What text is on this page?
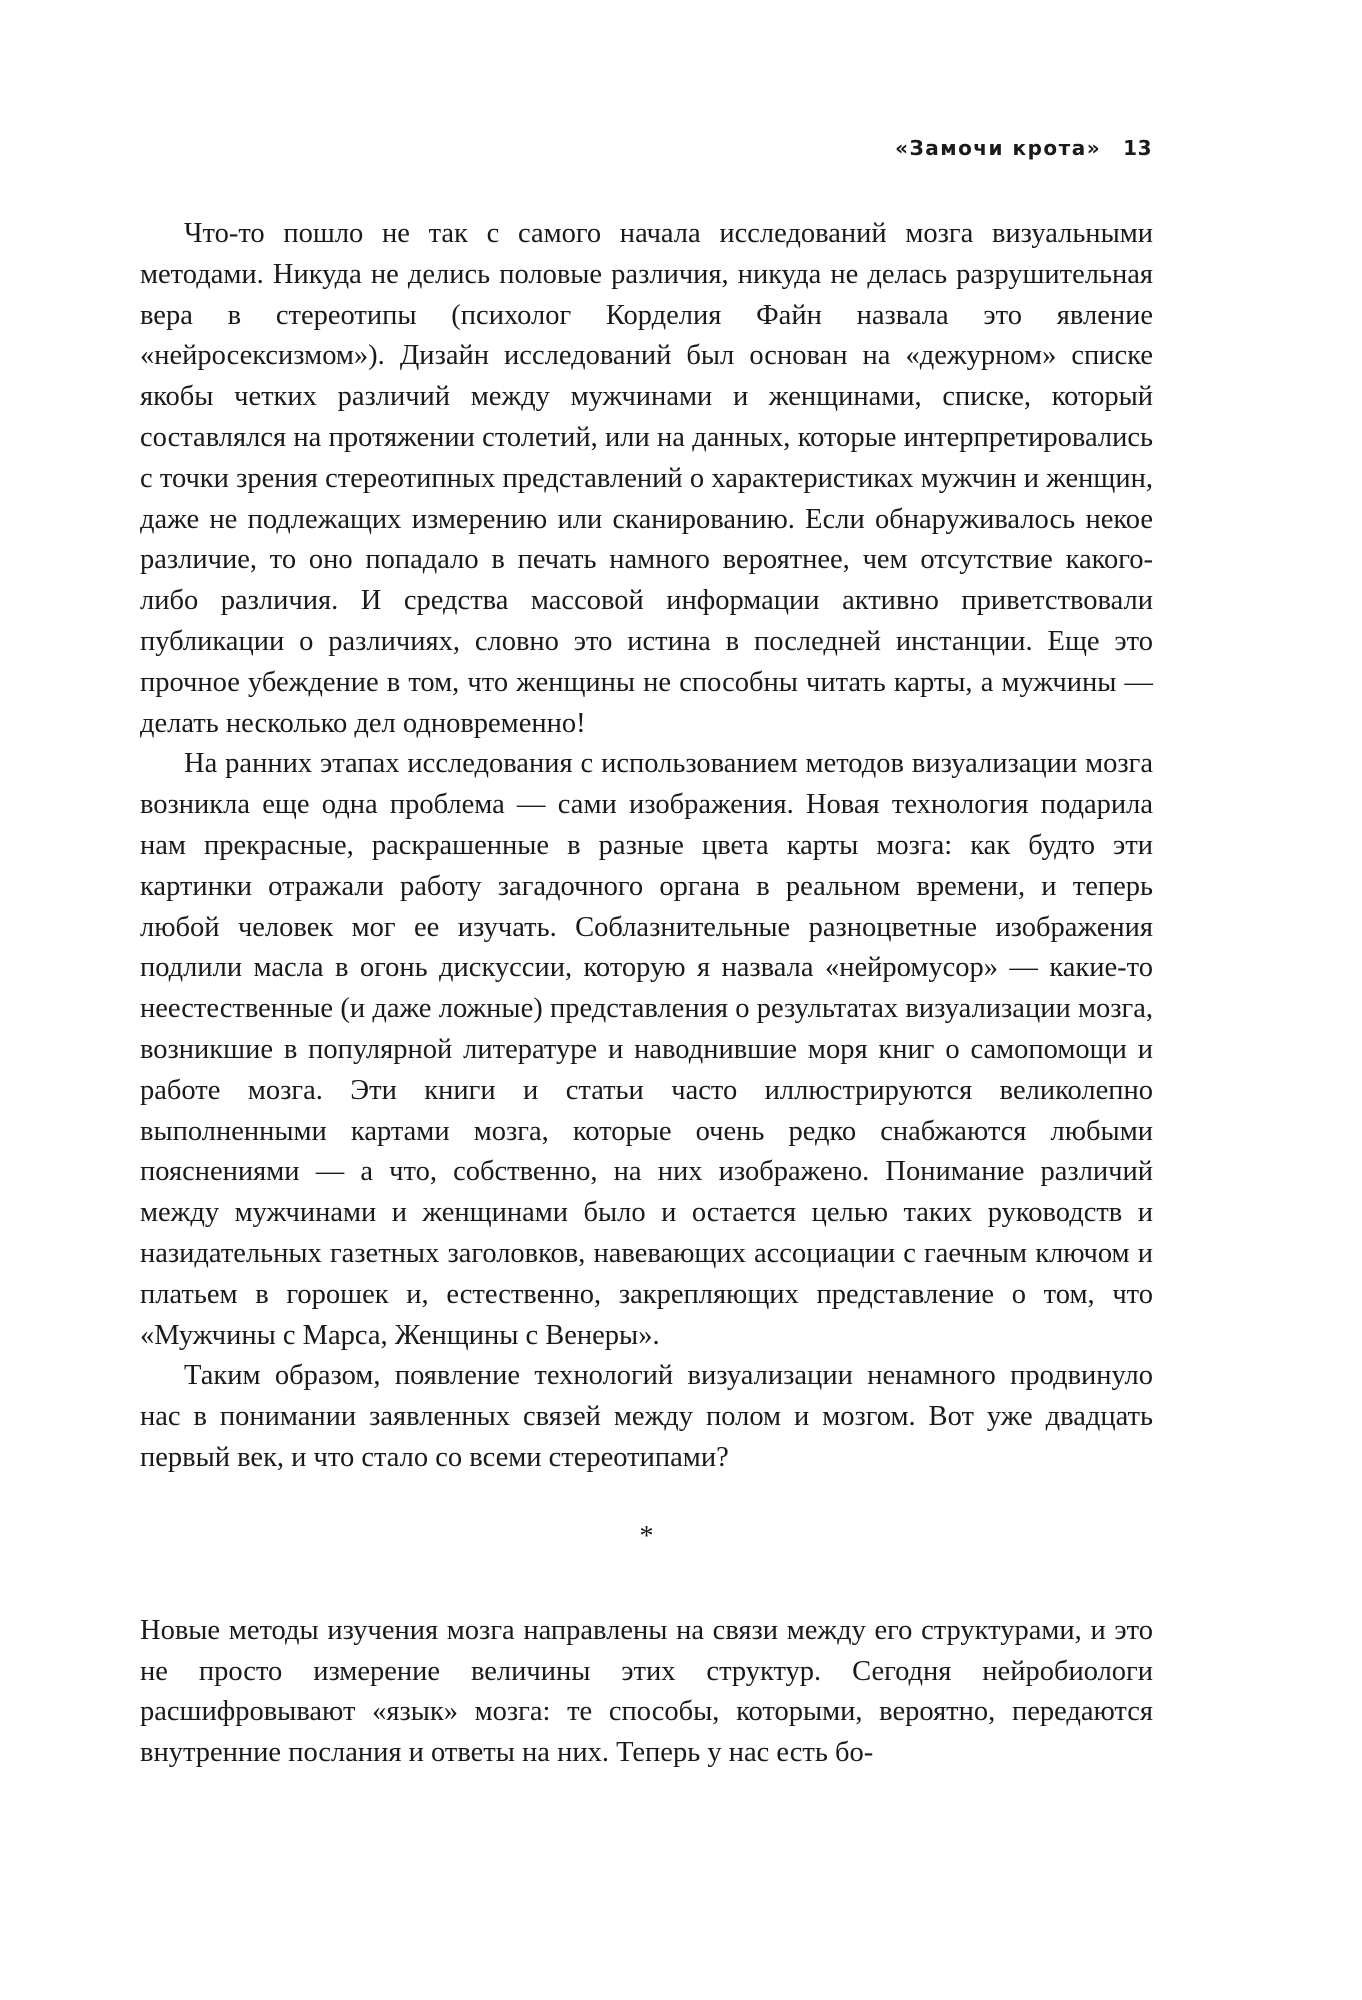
«Замочи крота» 13

Что-то пошло не так с самого начала исследований мозга визуальными методами. Никуда не делись половые различия, никуда не делась разрушительная вера в стереотипы (психолог Корделия Файн назвала это явление «нейросексизмом»). Дизайн исследований был основан на «дежурном» списке якобы четких различий между мужчинами и женщинами, списке, который составлялся на протяжении столетий, или на данных, которые интерпретировались с точки зрения стереотипных представлений о характеристиках мужчин и женщин, даже не подлежащих измерению или сканированию. Если обнаруживалось некое различие, то оно попадало в печать намного вероятнее, чем отсутствие какого-либо различия. И средства массовой информации активно приветствовали публикации о различиях, словно это истина в последней инстанции. Еще это прочное убеждение в том, что женщины не способны читать карты, а мужчины — делать несколько дел одновременно!

На ранних этапах исследования с использованием методов визуализации мозга возникла еще одна проблема — сами изображения. Новая технология подарила нам прекрасные, раскрашенные в разные цвета карты мозга: как будто эти картинки отражали работу загадочного органа в реальном времени, и теперь любой человек мог ее изучать. Соблазнительные разноцветные изображения подлили масла в огонь дискуссии, которую я назвала «нейромусор» — какие-то неестественные (и даже ложные) представления о результатах визуализации мозга, возникшие в популярной литературе и наводнившие моря книг о самопомощи и работе мозга. Эти книги и статьи часто иллюстрируются великолепно выполненными картами мозга, которые очень редко снабжаются любыми пояснениями — а что, собственно, на них изображено. Понимание различий между мужчинами и женщинами было и остается целью таких руководств и назидательных газетных заголовков, навевающих ассоциации с гаечным ключом и платьем в горошек и, естественно, закрепляющих представление о том, что «Мужчины с Марса, Женщины с Венеры».

Таким образом, появление технологий визуализации ненамного продвинуло нас в понимании заявленных связей между полом и мозгом. Вот уже двадцать первый век, и что стало со всеми стереотипами?

*

Новые методы изучения мозга направлены на связи между его структурами, и это не просто измерение величины этих структур. Сегодня нейробиологи расшифровывают «язык» мозга: те способы, которыми, вероятно, передаются внутренние послания и ответы на них. Теперь у нас есть бо-
